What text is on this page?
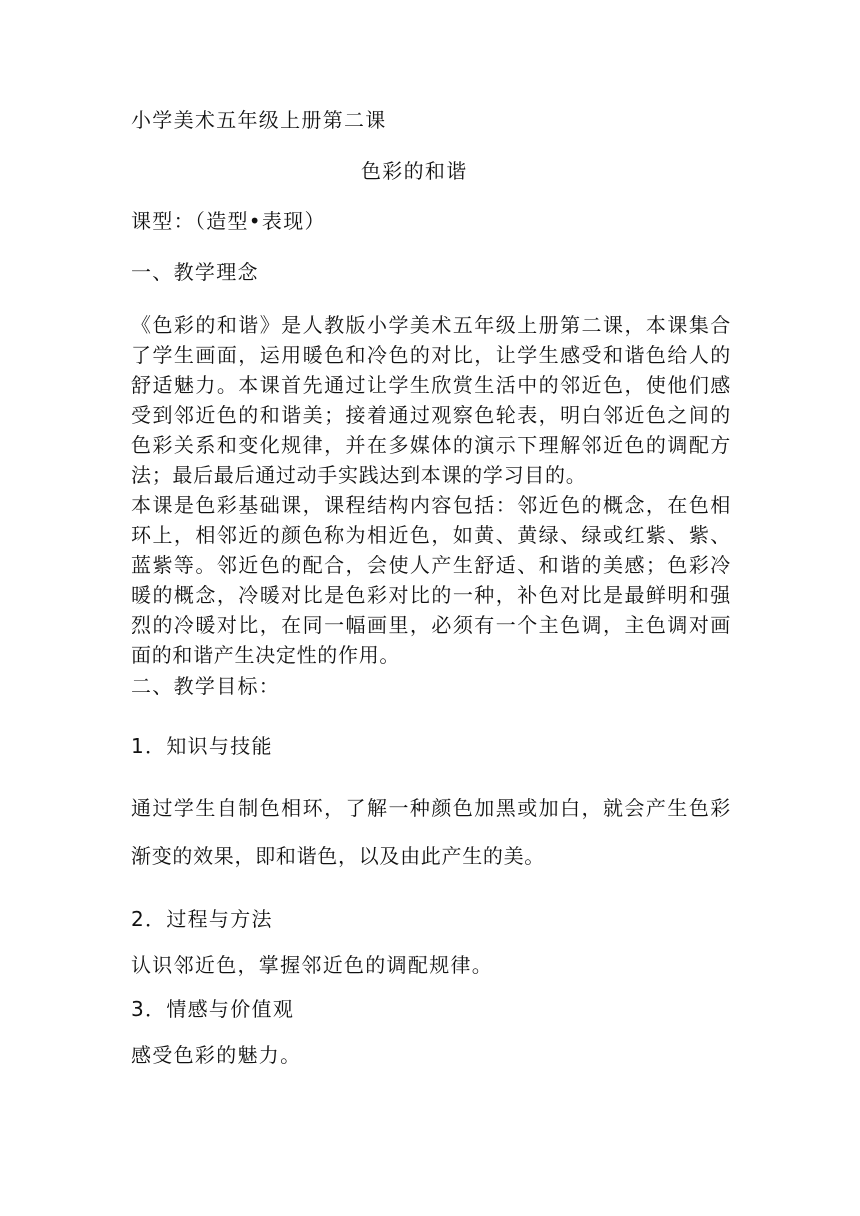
小学美术五年级上册第二课
色彩的和谐
课型：（造型•表现）
一、教学理念

《色彩的和谐》是人教版小学美术五年级上册第二课，本课集合了学生画面，运用暖色和冷色的对比，让学生感受和谐色给人的舒适魅力。本课首先通过让学生欣赏生活中的邻近色，使他们感受到邻近色的和谐美；接着通过观察色轮表，明白邻近色之间的色彩关系和变化规律，并在多媒体的演示下理解邻近色的调配方法；最后最后通过动手实践达到本课的学习目的。

本课是色彩基础课，课程结构内容包括：邻近色的概念，在色相环上，相邻近的颜色称为相近色，如黄、黄绿、绿或红紫、紫、蓝紫等。邻近色的配合，会使人产生舒适、和谐的美感；色彩冷暖的概念，冷暖对比是色彩对比的一种，补色对比是最鲜明和强烈的冷暖对比，在同一幅画里，必须有一个主色调，主色调对画面的和谐产生决定性的作用。

二、教学目标：
1．知识与技能

通过学生自制色相环，了解一种颜色加黑或加白，就会产生色彩渐变的效果，即和谐色，以及由此产生的美。

2．过程与方法
认识邻近色，掌握邻近色的调配规律。
3．情感与价值观
感受色彩的魅力。
